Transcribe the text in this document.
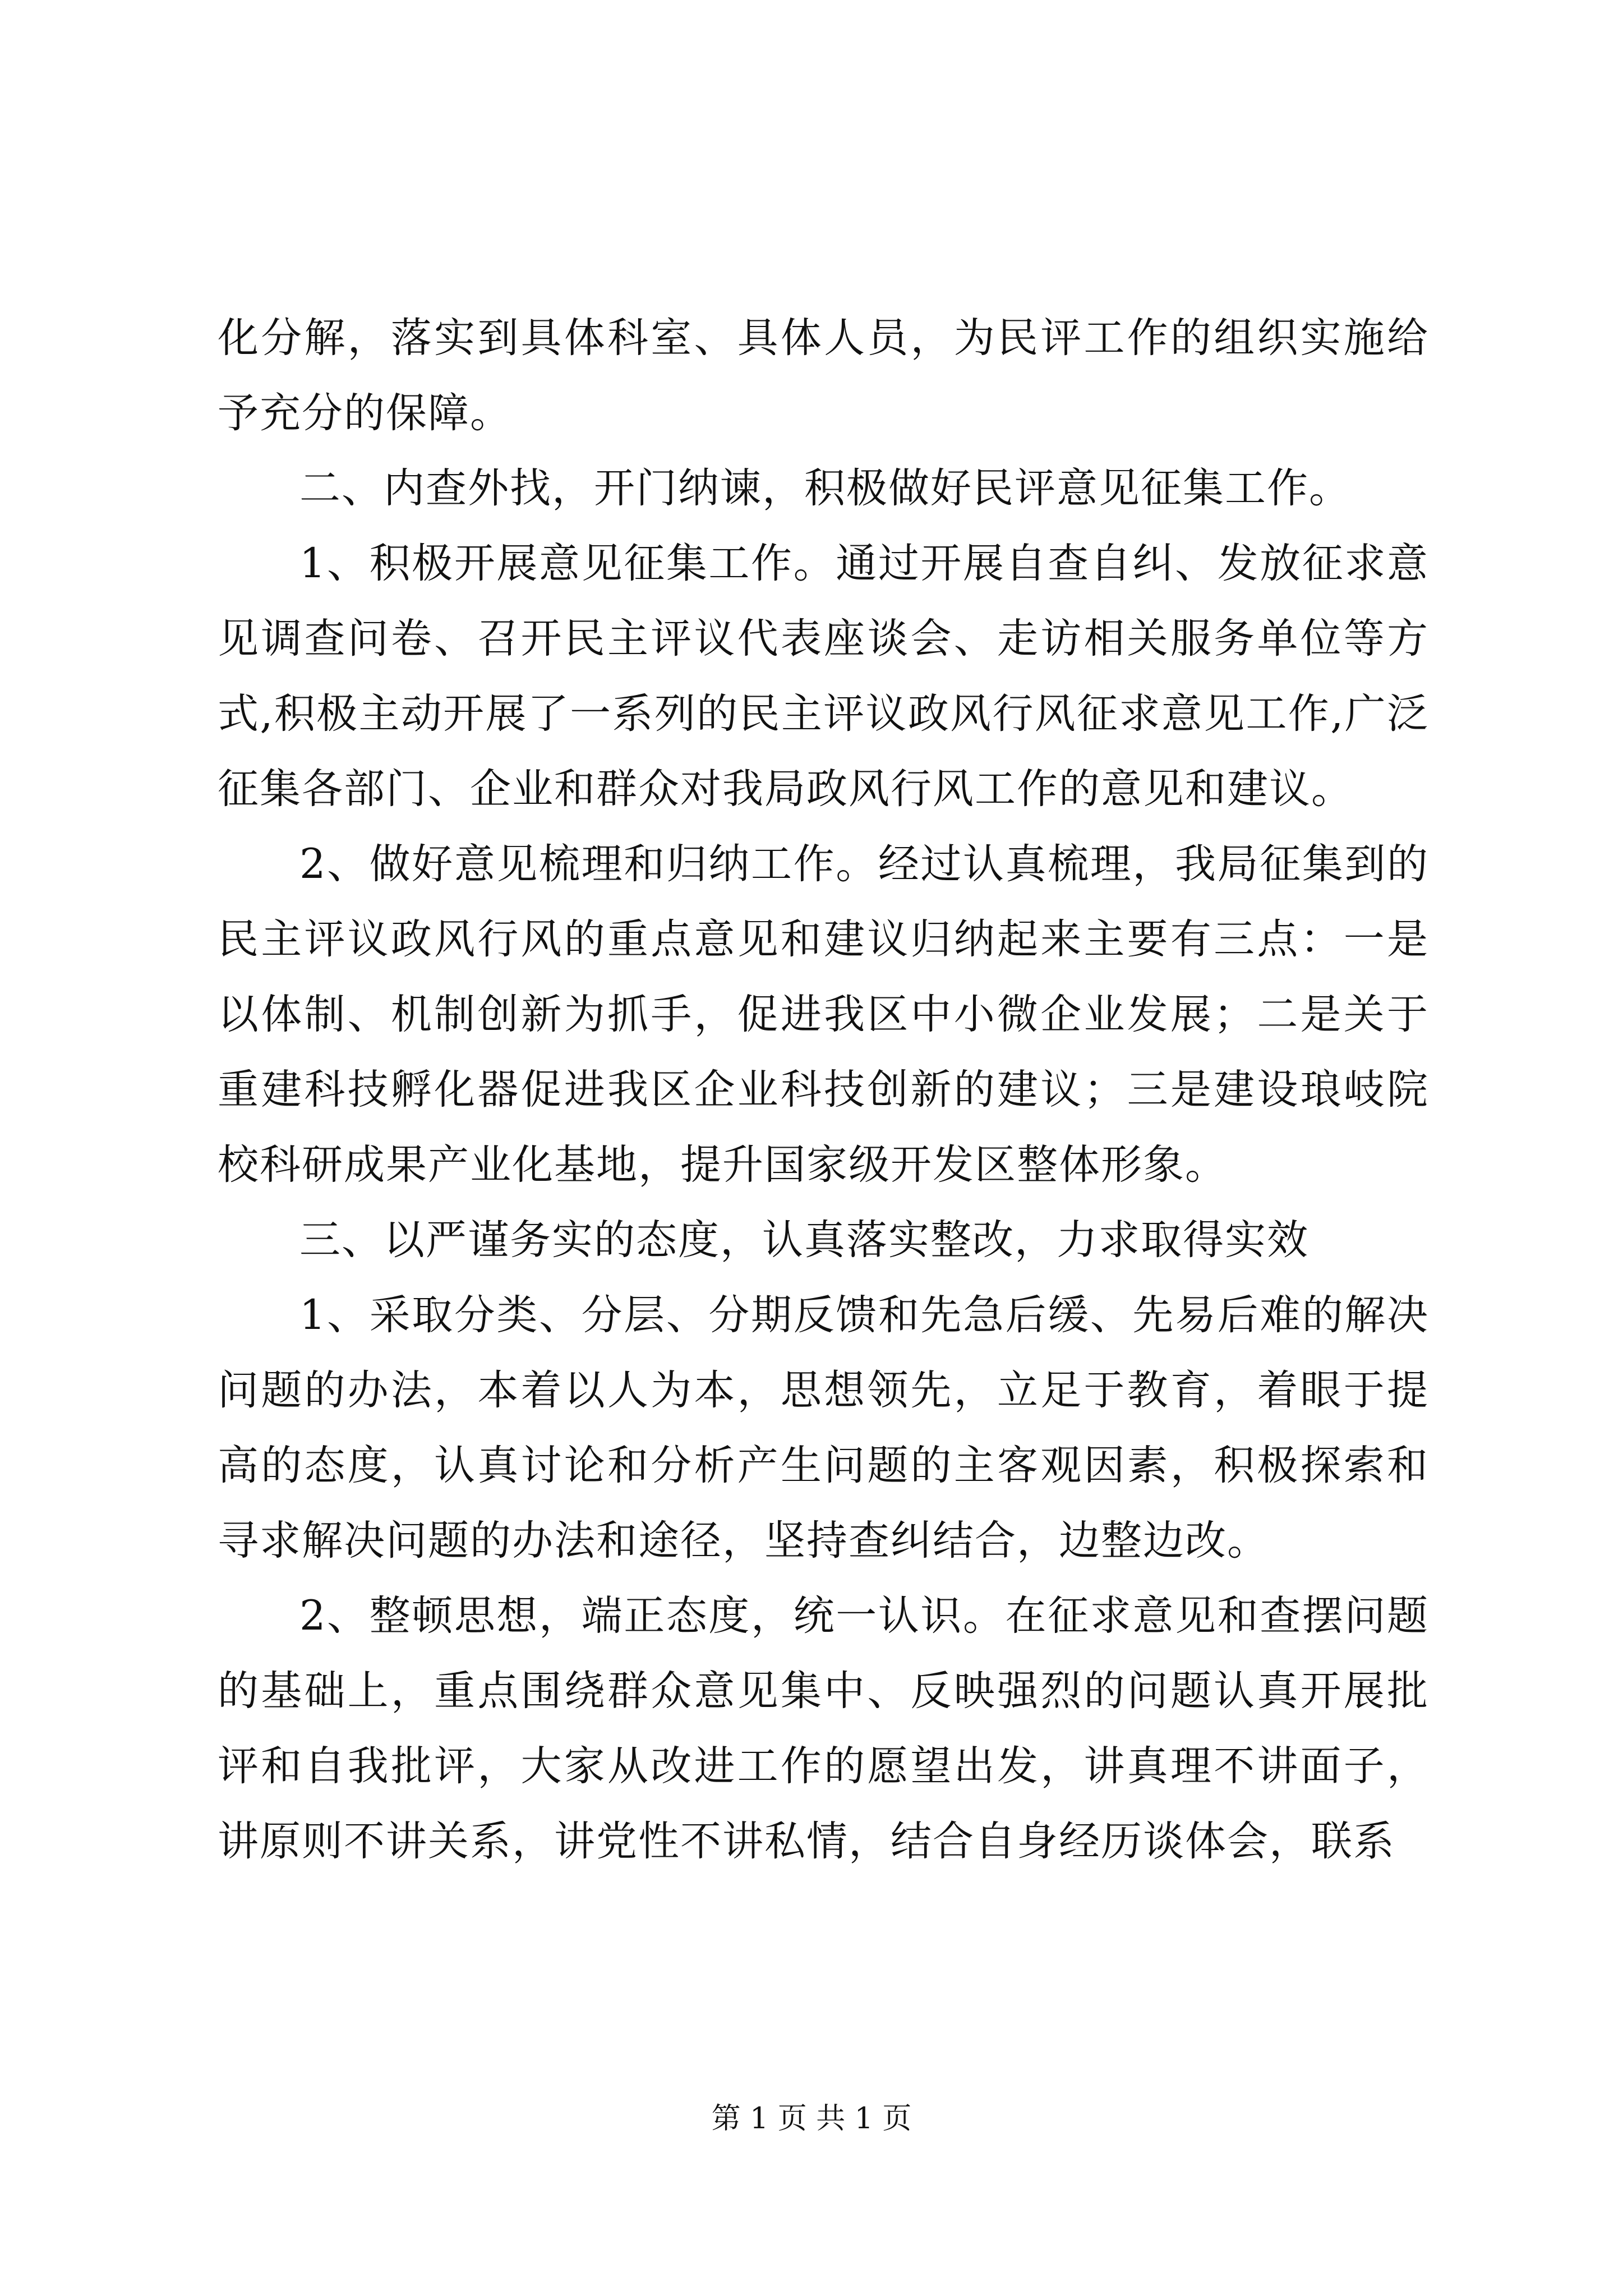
化分解，落实到具体科室、具体人员，为民评工作的组织实施给予充分的保障。

二、内查外找，开门纳谏，积极做好民评意见征集工作。

1、积极开展意见征集工作。通过开展自查自纠、发放征求意见调查问卷、召开民主评议代表座谈会、走访相关服务单位等方式,积极主动开展了一系列的民主评议政风行风征求意见工作,广泛征集各部门、企业和群众对我局政风行风工作的意见和建议。

2、做好意见梳理和归纳工作。经过认真梳理，我局征集到的民主评议政风行风的重点意见和建议归纳起来主要有三点：一是以体制、机制创新为抓手，促进我区中小微企业发展；二是关于重建科技孵化器促进我区企业科技创新的建议；三是建设琅岐院校科研成果产业化基地，提升国家级开发区整体形象。

三、以严谨务实的态度，认真落实整改，力求取得实效

1、采取分类、分层、分期反馈和先急后缓、先易后难的解决问题的办法，本着以人为本，思想领先，立足于教育，着眼于提高的态度，认真讨论和分析产生问题的主客观因素，积极探索和寻求解决问题的办法和途径，坚持查纠结合，边整边改。

2、整顿思想，端正态度，统一认识。在征求意见和查摆问题的基础上，重点围绕群众意见集中、反映强烈的问题认真开展批评和自我批评，大家从改进工作的愿望出发，讲真理不讲面子，讲原则不讲关系，讲党性不讲私情，结合自身经历谈体会，联系

第 1 页 共 1 页
